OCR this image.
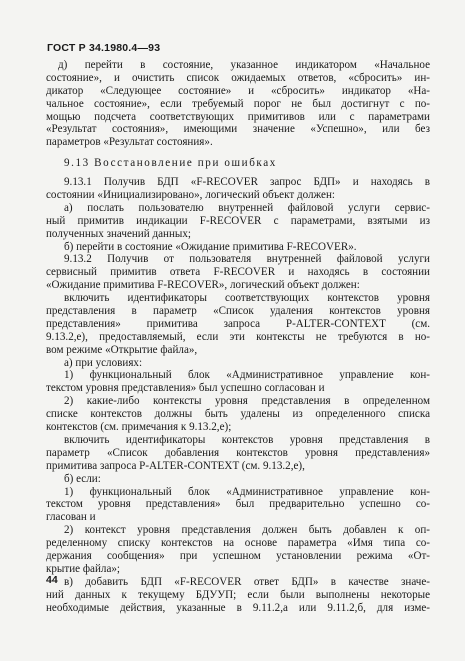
ГОСТ Р 34.1980.4—93
д) перейти в состояние, указанное индикатором «Начальное
состояние», и очистить список ожидаемых ответов, «сбросить» ин-
дикатор «Следующее состояние» и «сбросить» индикатор «На-
чальное состояние», если требуемый порог не был достигнут с по-
мощью подсчета соответствующих примитивов или с параметрами
«Результат состояния», имеющими значение «Успешно», или без
параметров «Результат состояния».
9.13 Восстановление при ошибках
9.13.1 Получив БДП «F-RECOVER запрос БДП» и находясь в
состоянии «Инициализировано», логический объект должен:
а) послать пользователю внутренней файловой услуги сервис-
ный примитив индикации F-RECOVER с параметрами, взятыми из
полученных значений данных;
б) перейти в состояние «Ожидание примитива F-RECOVER».
9.13.2 Получив от пользователя внутренней файловой услуги
сервисный примитив ответа F-RECOVER и находясь в состоянии
«Ожидание примитива F-RECOVER», логический объект должен:
включить идентификаторы соответствующих контекстов уровня
представления в параметр «Список удаления контекстов уровня
представления» примитива запроса P-ALTER-CONTEXT (см.
9.13.2,е), предоставляемый, если эти контексты не требуются в но-
вом режиме «Открытие файла»,
а) при условиях:
1) функциональный блок «Административное управление кон-
текстом уровня представления» был успешно согласован и
2) какие-либо контексты уровня представления в определенном
списке контекстов должны быть удалены из определенного списка
контекстов (см. примечания к 9.13.2,е);
включить идентификаторы контекстов уровня представления в
параметр «Список добавления контекстов уровня представления»
примитива запроса P-ALTER-CONTEXT (см. 9.13.2,е),
б) если:
1) функциональный блок «Административное управление кон-
текстом уровня представления» был предварительно успешно со-
гласован и
2) контекст уровня представления должен быть добавлен к оп-
ределенному списку контекстов на основе параметра «Имя типа со-
держания сообщения» при успешном установлении режима «От-
крытие файла»;
в) добавить БДП «F-RECOVER ответ БДП» в качестве значе-
ний данных к текущему БДУУП; если были выполнены некоторые
необходимые действия, указанные в 9.11.2,а или 9.11.2,б, для изме-
44
